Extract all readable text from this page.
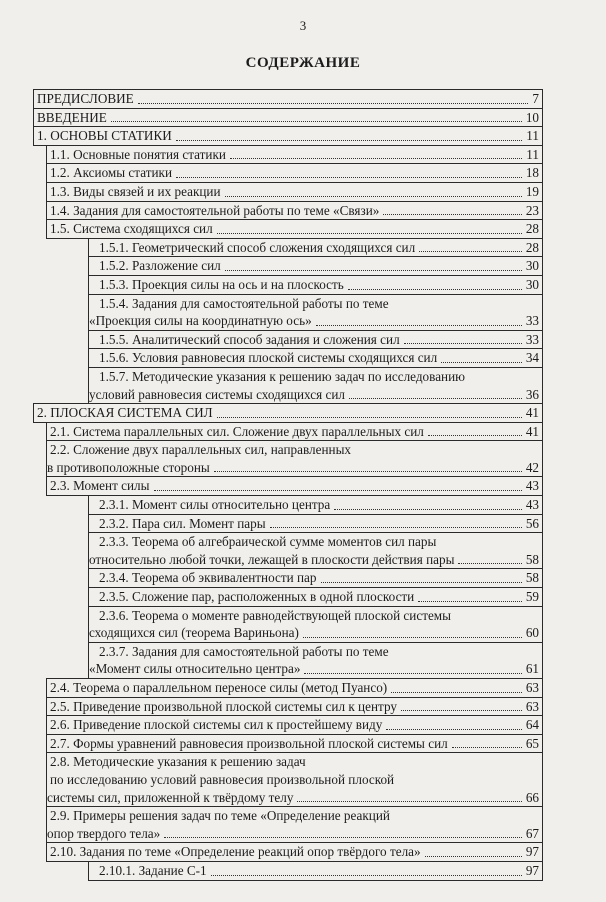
3
СОДЕРЖАНИЕ
ПРЕДИСЛОВИЕ	7
ВВЕДЕНИЕ	10
1. ОСНОВЫ СТАТИКИ	11
1.1. Основные понятия статики	11
1.2. Аксиомы статики	18
1.3. Виды связей и их реакции	19
1.4. Задания для самостоятельной работы по теме «Связи»	23
1.5. Система сходящихся сил	28
1.5.1. Геометрический способ сложения сходящихся сил	28
1.5.2. Разложение сил	30
1.5.3. Проекция силы на ось и на плоскость	30
1.5.4. Задания для самостоятельной работы по теме
«Проекция силы на координатную ось»	33
1.5.5. Аналитический способ задания и сложения сил	33
1.5.6. Условия равновесия плоской системы сходящихся сил	34
1.5.7. Методические указания к решению задач по исследованию
условий равновесия системы сходящихся сил	36
2. ПЛОСКАЯ СИСТЕМА СИЛ	41
2.1. Система параллельных сил. Сложение двух параллельных сил	41
2.2. Сложение двух параллельных сил, направленных
в противоположные стороны	42
2.3. Момент силы	43
2.3.1. Момент силы относительно центра	43
2.3.2. Пара сил. Момент пары	56
2.3.3. Теорема об алгебраической сумме моментов сил пары
относительно любой точки, лежащей в плоскости действия пары	58
2.3.4. Теорема об эквивалентности пар	58
2.3.5. Сложение пар, расположенных в одной плоскости	59
2.3.6. Теорема о моменте равнодействующей плоской системы
сходящихся сил (теорема Вариньона)	60
2.3.7. Задания для самостоятельной работы по теме
«Момент силы относительно центра»	61
2.4. Теорема о параллельном переносе силы (метод Пуансо)	63
2.5. Приведение произвольной плоской системы сил к центру	63
2.6. Приведение плоской системы сил к простейшему виду	64
2.7. Формы уравнений равновесия произвольной плоской системы сил	65
2.8. Методические указания к решению задач
по исследованию условий равновесия произвольной плоской
системы сил, приложенной к твёрдому телу	66
2.9. Примеры решения задач по теме «Определение реакций
опор твердого тела»	67
2.10. Задания по теме «Определение реакций опор твёрдого тела»	97
2.10.1. Задание С-1	97
